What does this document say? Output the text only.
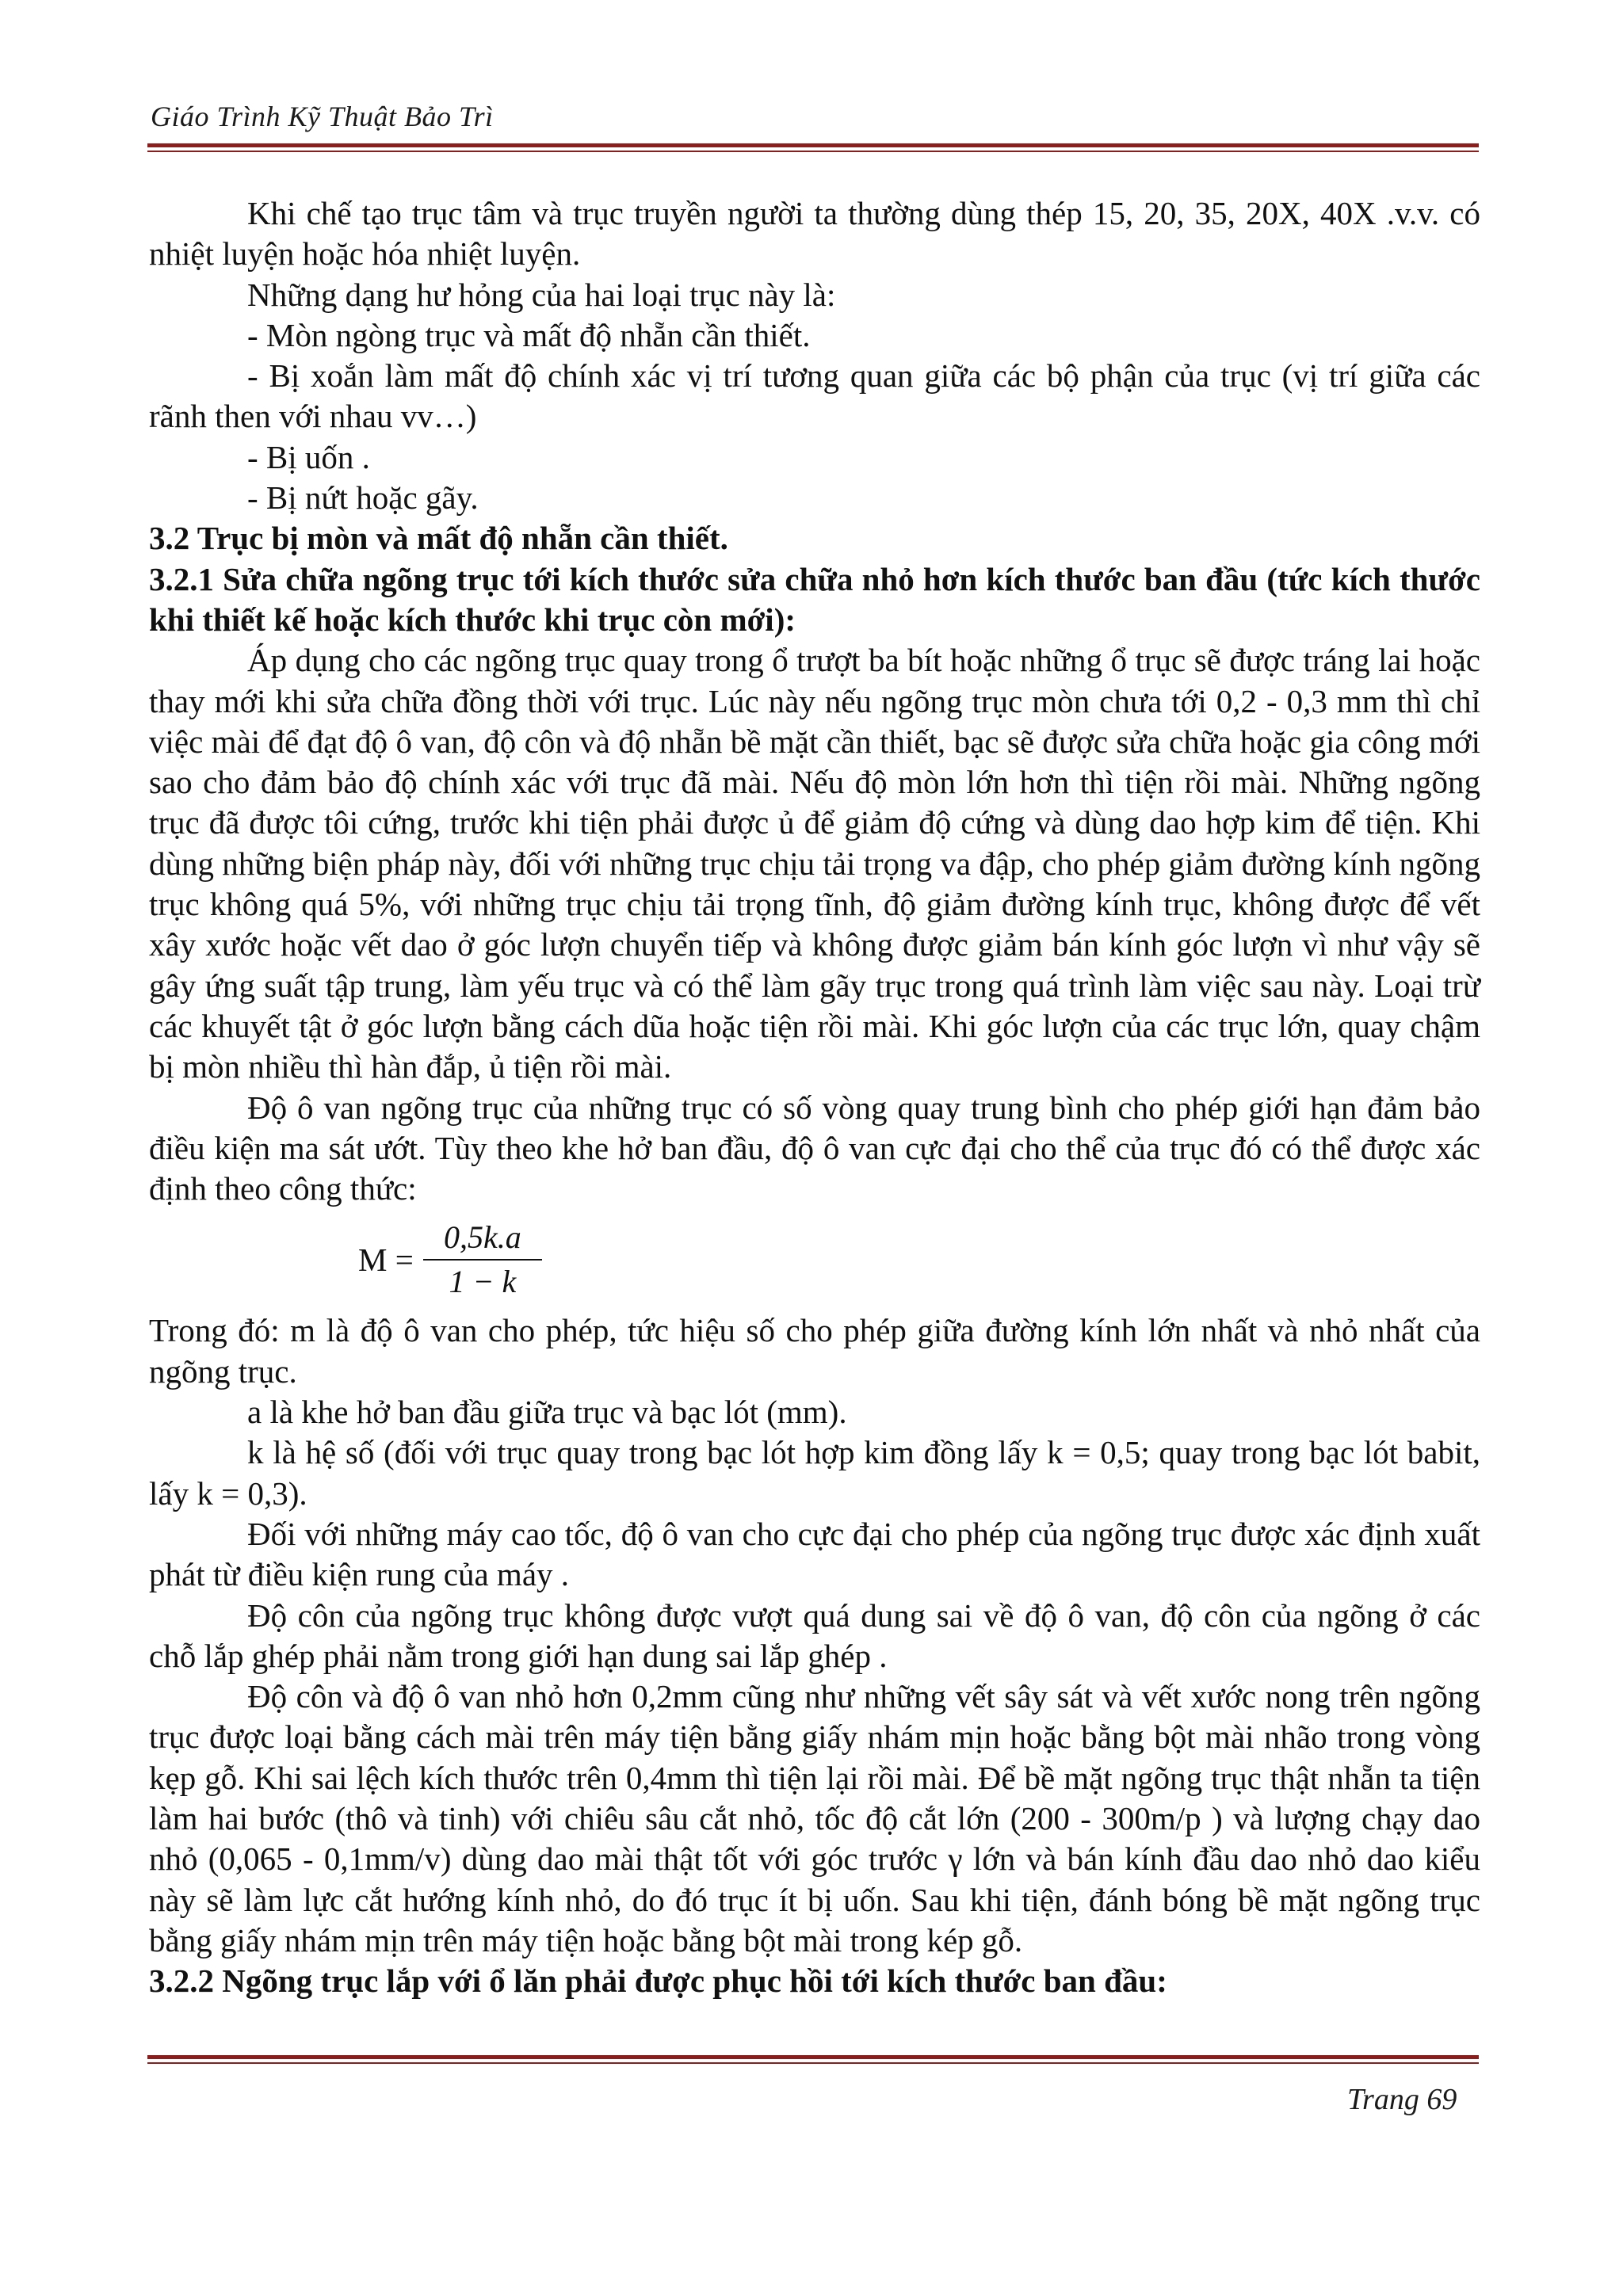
Giáo Trình Kỹ Thuật Bảo Trì

Khi chế tạo trục tâm và trục truyền người ta thường dùng thép 15, 20, 35, 20X, 40X .v.v. có nhiệt luyện hoặc hóa nhiệt luyện.

Những dạng hư hỏng của hai loại trục này là:

- Mòn ngòng trục và mất độ nhẵn cần thiết.

- Bị xoắn làm mất độ chính xác vị trí tương quan giữa các bộ phận của trục (vị trí giữa các rãnh then với nhau vv…)

- Bị uốn .

- Bị nứt hoặc gãy.

3.2 Trục bị mòn và mất độ nhẵn cần thiết.

3.2.1 Sửa chữa ngõng trục tới kích thước sửa chữa nhỏ hơn kích thước ban đầu (tức kích thước khi thiết kế hoặc kích thước khi trục còn mới):

Áp dụng cho các ngõng trục quay trong ổ trượt ba bít hoặc những ổ trục sẽ được tráng lai hoặc thay mới khi sửa chữa đồng thời với trục. Lúc này nếu ngõng trục mòn chưa tới 0,2 - 0,3 mm thì chỉ việc mài để đạt độ ô van, độ côn và độ nhẵn bề mặt cần thiết, bạc sẽ được sửa chữa hoặc gia công mới sao cho đảm bảo độ chính xác với trục đã mài. Nếu độ mòn lớn hơn thì tiện rồi mài. Những ngõng trục đã được tôi cứng, trước khi tiện phải được ủ để giảm độ cứng và dùng dao hợp kim để tiện. Khi dùng những biện pháp này, đối với những trục chịu tải trọng va đập, cho phép giảm đường kính ngõng trục không quá 5%, với những trục chịu tải trọng tĩnh, độ giảm đường kính trục, không được để vết xây xước hoặc vết dao ở góc lượn chuyển tiếp và không được giảm bán kính góc lượn vì như vậy sẽ gây ứng suất tập trung, làm yếu trục và có thể làm gãy trục trong quá trình làm việc sau này. Loại trừ các khuyết tật ở góc lượn bằng cách dũa hoặc tiện rồi mài. Khi góc lượn của các trục lớn, quay chậm bị mòn nhiều thì hàn đắp, ủ tiện rồi mài.

Độ ô van ngõng trục của những trục có số vòng quay trung bình cho phép giới hạn đảm bảo điều kiện ma sát ướt. Tùy theo khe hở ban đầu, độ ô van cực đại cho thể của trục đó có thể được xác định theo công thức:

$M = \frac{0,5k.a}{1 - k}$

Trong đó: m là độ ô van cho phép, tức hiệu số cho phép giữa đường kính lớn nhất và nhỏ nhất của ngõng trục.

a là khe hở ban đầu giữa trục và bạc lót (mm).

k là hệ số (đối với trục quay trong bạc lót hợp kim đồng lấy k = 0,5; quay trong bạc lót babit, lấy k = 0,3).

Đối với những máy cao tốc, độ ô van cho cực đại cho phép của ngõng trục được xác định xuất phát từ điều kiện rung của máy .

Độ côn của ngõng trục không được vượt quá dung sai về độ ô van, độ côn của ngõng ở các chỗ lắp ghép phải nằm trong giới hạn dung sai lắp ghép .

Độ côn và độ ô van nhỏ hơn 0,2mm cũng như những vết sây sát và vết xước nong trên ngõng trục được loại bằng cách mài trên máy tiện bằng giấy nhám mịn hoặc bằng bột mài nhão trong vòng kẹp gỗ. Khi sai lệch kích thước trên 0,4mm thì tiện lại rồi mài. Để bề mặt ngõng trục thật nhẵn ta tiện làm hai bước (thô và tinh) với chiêu sâu cắt nhỏ, tốc độ cắt lớn (200 - 300m/p ) và lượng chạy dao nhỏ (0,065 - 0,1mm/v) dùng dao mài thật tốt với góc trước γ lớn và bán kính đầu dao nhỏ dao kiểu này sẽ làm lực cắt hướng kính nhỏ, do đó trục ít bị uốn. Sau khi tiện, đánh bóng bề mặt ngõng trục bằng giấy nhám mịn trên máy tiện hoặc bằng bột mài trong kép gỗ.

3.2.2 Ngõng trục lắp với ổ lăn phải được phục hồi tới kích thước ban đầu:

Trang 69
